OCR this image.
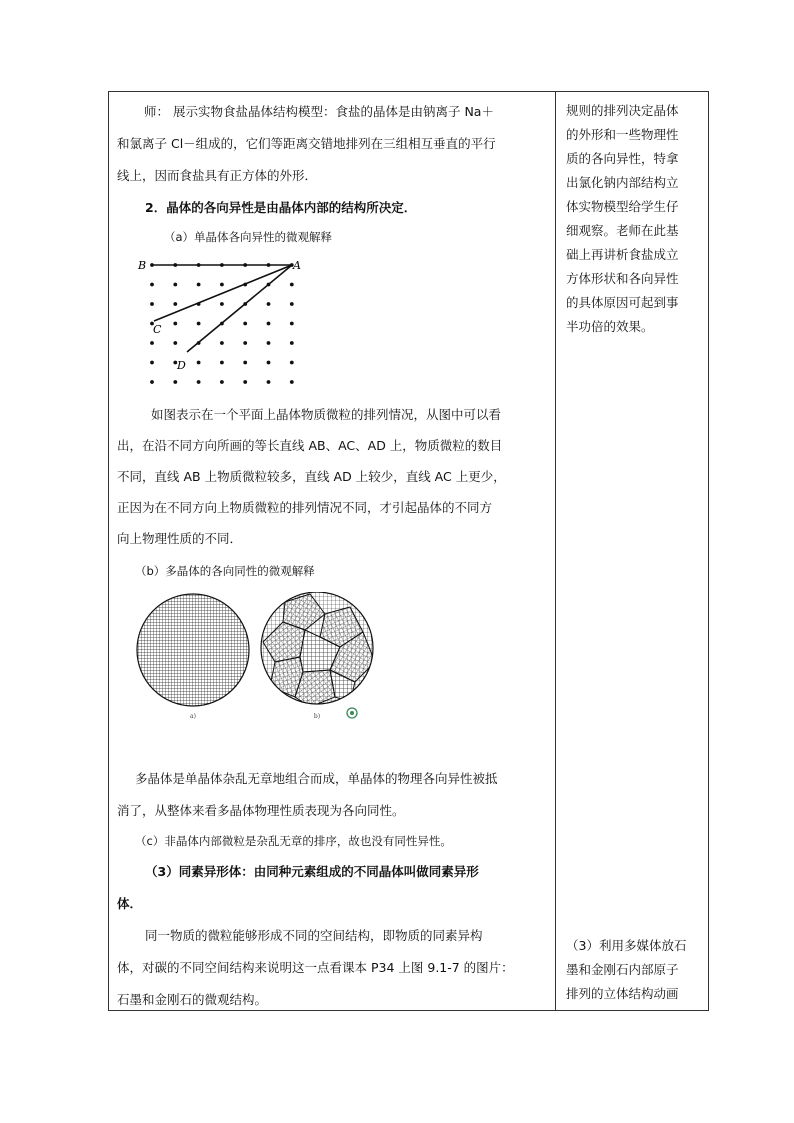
师： 展示实物食盐晶体结构模型：食盐的晶体是由钠离子 Na＋
和氯离子 Cl－组成的，它们等距离交错地排列在三组相互垂直的平行
线上，因而食盐具有正方体的外形．
2．晶体的各向异性是由晶体内部的结构所决定．
（a）单晶体各向异性的微观解释
B	A
C
D
如图表示在一个平面上晶体物质微粒的排列情况，从图中可以看
出，在沿不同方向所画的等长直线 AB、AC、AD 上，物质微粒的数目
不同，直线 AB 上物质微粒较多，直线 AD 上较少，直线 AC 上更少，
正因为在不同方向上物质微粒的排列情况不同，才引起晶体的不同方
向上物理性质的不同．
（b）多晶体的各向同性的微观解释
a)	b)
多晶体是单晶体杂乱无章地组合而成，单晶体的物理各向异性被抵
消了，从整体来看多晶体物理性质表现为各向同性。
（c）非晶体内部微粒是杂乱无章的排序，故也没有同性异性。
（3）同素异形体：由同种元素组成的不同晶体叫做同素异形
体．
同一物质的微粒能够形成不同的空间结构，即物质的同素异构
体，对碳的不同空间结构来说明这一点看课本 P34 上图 9.1-7 的图片：
石墨和金刚石的微观结构。
规则的排列决定晶体
的外形和一些物理性
质的各向异性，特拿
出氯化钠内部结构立
体实物模型给学生仔
细观察。老师在此基
础上再讲析食盐成立
方体形状和各向异性
的具体原因可起到事
半功倍的效果。
（3）利用多媒体放石
墨和金刚石内部原子
排列的立体结构动画
